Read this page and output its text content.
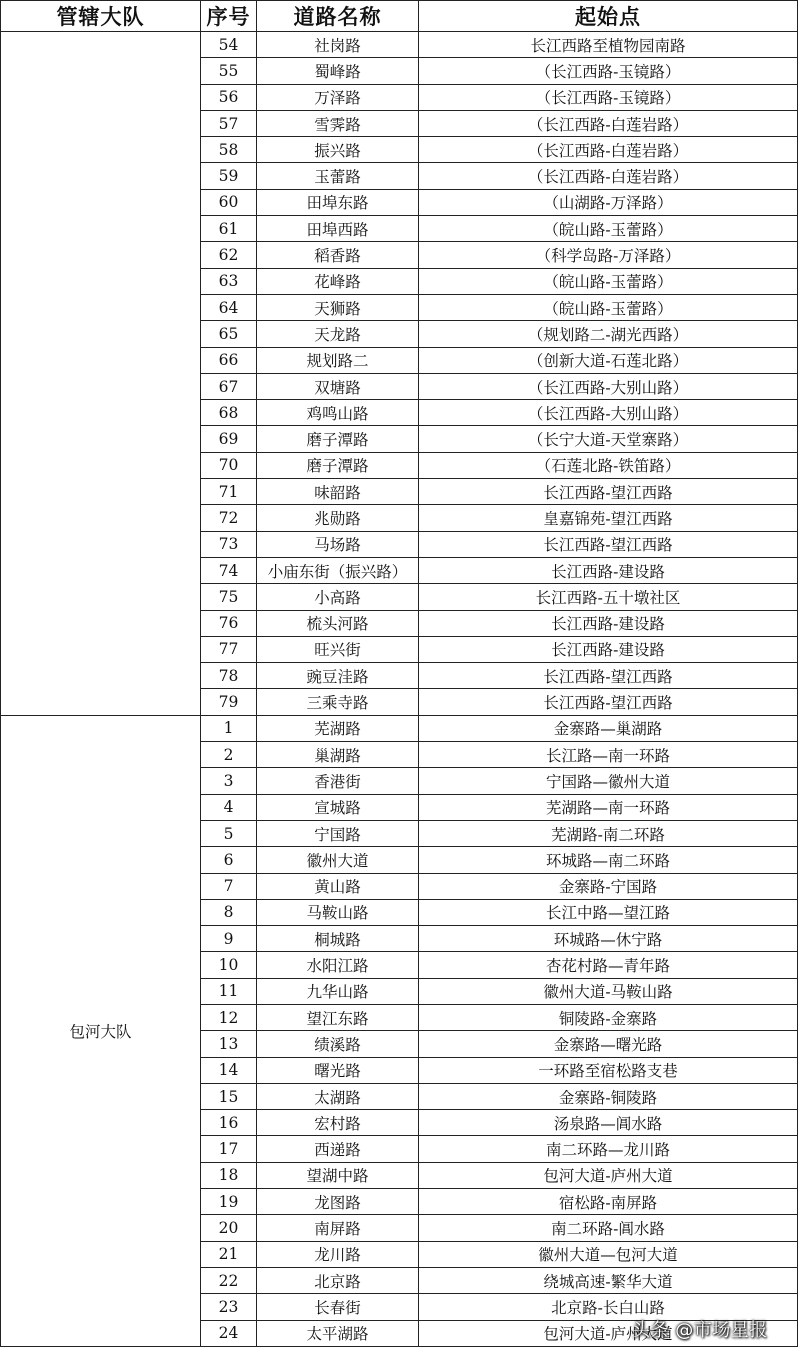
管辖大队	序号	道路名称	起始点
	54	社岗路	长江西路至植物园南路
	55	蜀峰路	（长江西路-玉镜路）
	56	万泽路	（长江西路-玉镜路）
	57	雪霁路	（长江西路-白莲岩路）
	58	振兴路	（长江西路-白莲岩路）
	59	玉蕾路	（长江西路-白莲岩路）
	60	田埠东路	（山湖路-万泽路）
	61	田埠西路	（皖山路-玉蕾路）
	62	稻香路	（科学岛路-万泽路）
	63	花峰路	（皖山路-玉蕾路）
	64	天狮路	（皖山路-玉蕾路）
	65	天龙路	（规划路二-湖光西路）
	66	规划路二	（创新大道-石莲北路）
	67	双塘路	（长江西路-大别山路）
	68	鸡鸣山路	（长江西路-大别山路）
	69	磨子潭路	（长宁大道-天堂寨路）
	70	磨子潭路	（石莲北路-铁笛路）
	71	味韶路	长江西路-望江西路
	72	兆勋路	皇嘉锦苑-望江西路
	73	马场路	长江西路-望江西路
	74	小庙东街（振兴路）	长江西路-建设路
	75	小高路	长江西路-五十墩社区
	76	梳头河路	长江西路-建设路
	77	旺兴街	长江西路-建设路
	78	豌豆洼路	长江西路-望江西路
	79	三乘寺路	长江西路-望江西路
包河大队	1	芜湖路	金寨路—巢湖路
	2	巢湖路	长江路—南一环路
	3	香港街	宁国路—徽州大道
	4	宣城路	芜湖路—南一环路
	5	宁国路	芜湖路-南二环路
	6	徽州大道	环城路—南二环路
	7	黄山路	金寨路-宁国路
	8	马鞍山路	长江中路—望江路
	9	桐城路	环城路—休宁路
	10	水阳江路	杏花村路—青年路
	11	九华山路	徽州大道-马鞍山路
	12	望江东路	铜陵路-金寨路
	13	绩溪路	金寨路—曙光路
	14	曙光路	一环路至宿松路支巷
	15	太湖路	金寨路-铜陵路
	16	宏村路	汤泉路—阊水路
	17	西递路	南二环路—龙川路
	18	望湖中路	包河大道-庐州大道
	19	龙图路	宿松路-南屏路
	20	南屏路	南二环路-阊水路
	21	龙川路	徽州大道—包河大道
	22	北京路	绕城高速-繁华大道
	23	长春街	北京路-长白山路
	24	太平湖路	包河大道-庐州大道
头条 @市场星报
